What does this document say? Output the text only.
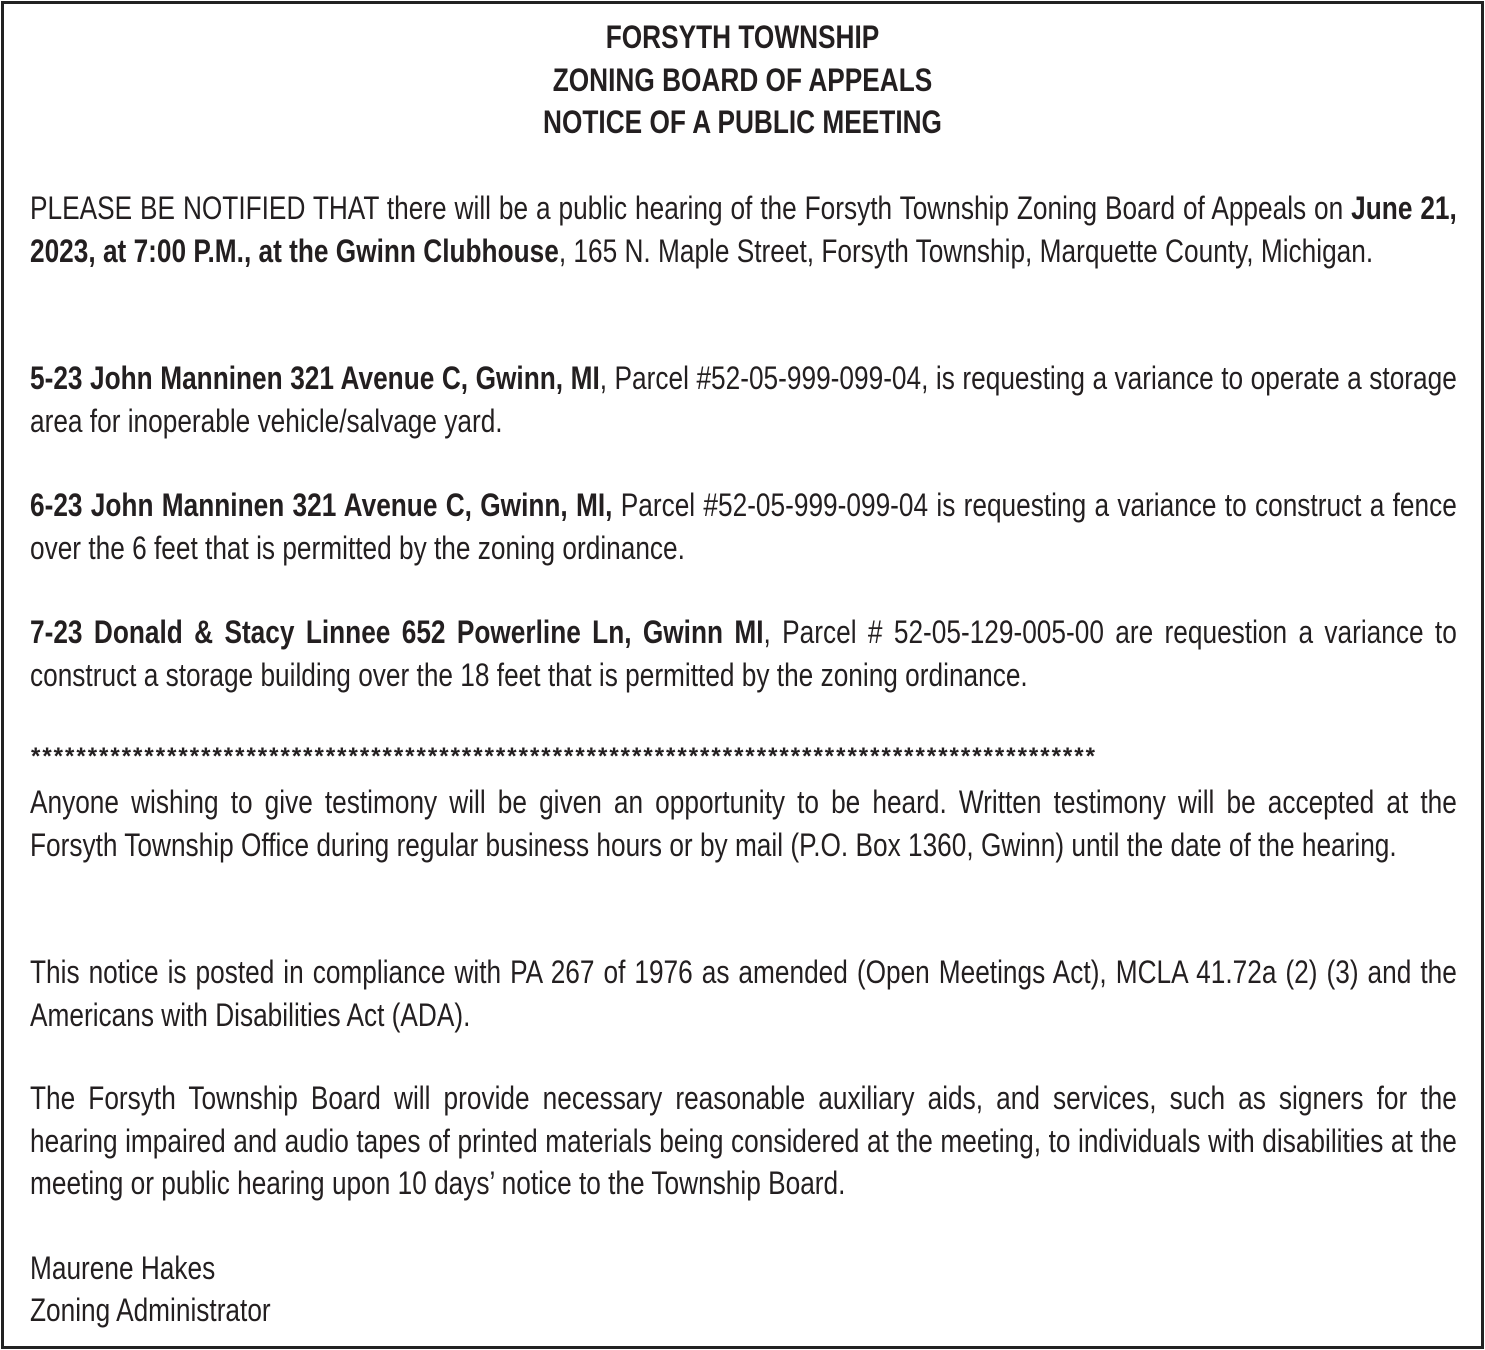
FORSYTH TOWNSHIP
ZONING BOARD OF APPEALS
NOTICE OF A PUBLIC MEETING

PLEASE BE NOTIFIED THAT there will be a public hearing of the Forsyth Township Zoning Board of Appeals on June 21, 2023, at 7:00 P.M., at the Gwinn Clubhouse, 165 N. Maple Street, Forsyth Township, Marquette County, Michigan.

5-23 John Manninen 321 Avenue C, Gwinn, MI, Parcel #52-05-999-099-04, is requesting a variance to operate a storage area for inoperable vehicle/salvage yard.

6-23 John Manninen 321 Avenue C, Gwinn, MI, Parcel #52-05-999-099-04 is requesting a variance to construct a fence over the 6 feet that is permitted by the zoning ordinance.

7-23 Donald & Stacy Linnee 652 Powerline Ln, Gwinn MI, Parcel # 52-05-129-005-00 are requestion a variance to construct a storage building over the 18 feet that is permitted by the zoning ordinance.

**********************************************************************************************

Anyone wishing to give testimony will be given an opportunity to be heard. Written testimony will be accepted at the Forsyth Township Office during regular business hours or by mail (P.O. Box 1360, Gwinn) until the date of the hearing.

This notice is posted in compliance with PA 267 of 1976 as amended (Open Meetings Act), MCLA 41.72a (2) (3) and the Americans with Disabilities Act (ADA).

The Forsyth Township Board will provide necessary reasonable auxiliary aids, and services, such as signers for the hearing impaired and audio tapes of printed materials being considered at the meeting, to individuals with disabilities at the meeting or public hearing upon 10 days’ notice to the Township Board.

Maurene Hakes
Zoning Administrator
